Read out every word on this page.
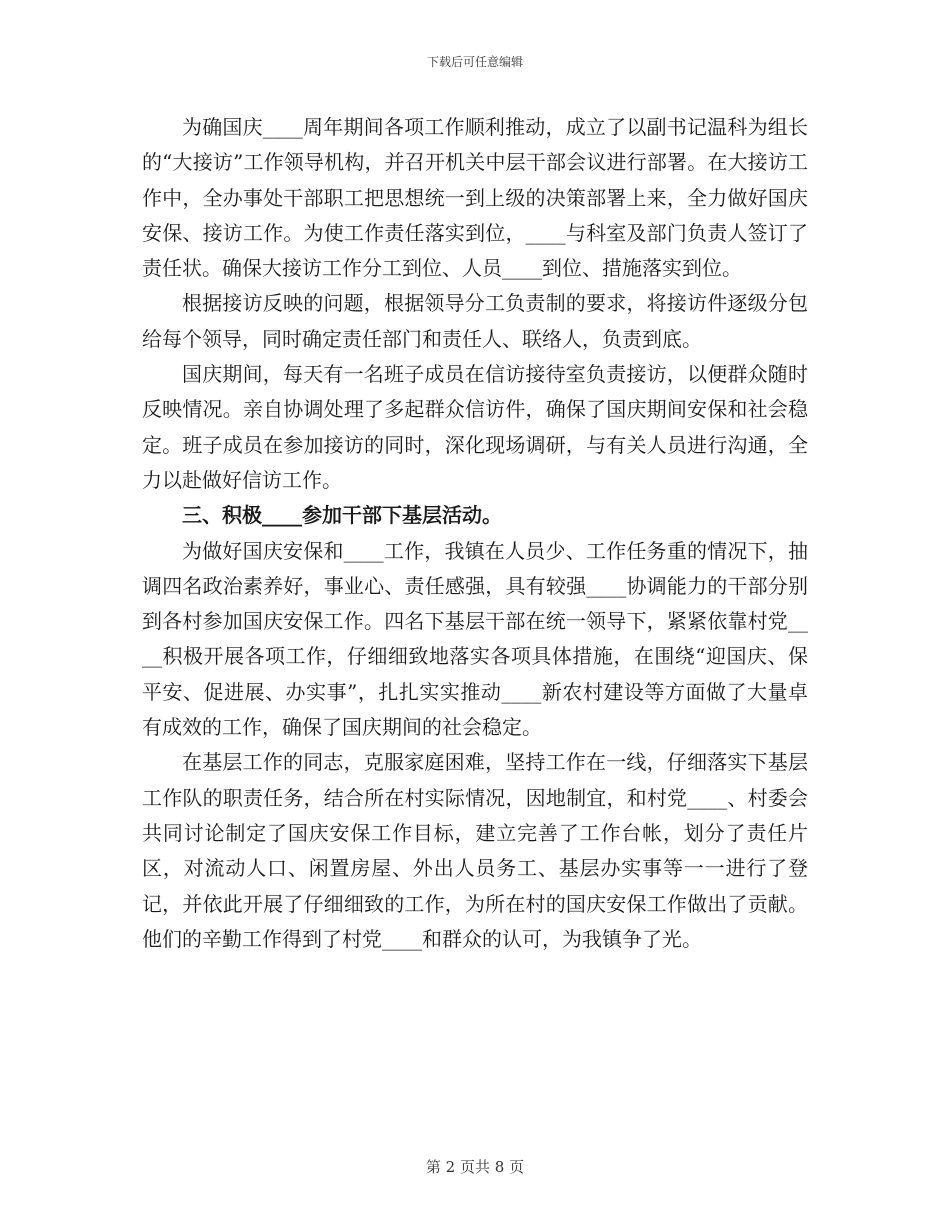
下载后可任意编辑

为确国庆____周年期间各项工作顺利推动，成立了以副书记温科为组长的“大接访”工作领导机构，并召开机关中层干部会议进行部署。在大接访工作中，全办事处干部职工把思想统一到上级的决策部署上来，全力做好国庆安保、接访工作。为使工作责任落实到位，____与科室及部门负责人签订了责任状。确保大接访工作分工到位、人员____到位、措施落实到位。

根据接访反映的问题，根据领导分工负责制的要求，将接访件逐级分包给每个领导，同时确定责任部门和责任人、联络人，负责到底。

国庆期间，每天有一名班子成员在信访接待室负责接访，以便群众随时反映情况。亲自协调处理了多起群众信访件，确保了国庆期间安保和社会稳定。班子成员在参加接访的同时，深化现场调研，与有关人员进行沟通，全力以赴做好信访工作。

三、积极____参加干部下基层活动。

为做好国庆安保和____工作，我镇在人员少、工作任务重的情况下，抽调四名政治素养好，事业心、责任感强，具有较强____协调能力的干部分别到各村参加国庆安保工作。四名下基层干部在统一领导下，紧紧依靠村党____积极开展各项工作，仔细细致地落实各项具体措施，在围绕“迎国庆、保平安、促进展、办实事”，扎扎实实推动____新农村建设等方面做了大量卓有成效的工作，确保了国庆期间的社会稳定。

在基层工作的同志，克服家庭困难，坚持工作在一线，仔细落实下基层工作队的职责任务，结合所在村实际情况，因地制宜，和村党____、村委会共同讨论制定了国庆安保工作目标，建立完善了工作台帐，划分了责任片区，对流动人口、闲置房屋、外出人员务工、基层办实事等一一进行了登记，并依此开展了仔细细致的工作，为所在村的国庆安保工作做出了贡献。他们的辛勤工作得到了村党____和群众的认可，为我镇争了光。

第 2 页共 8 页
